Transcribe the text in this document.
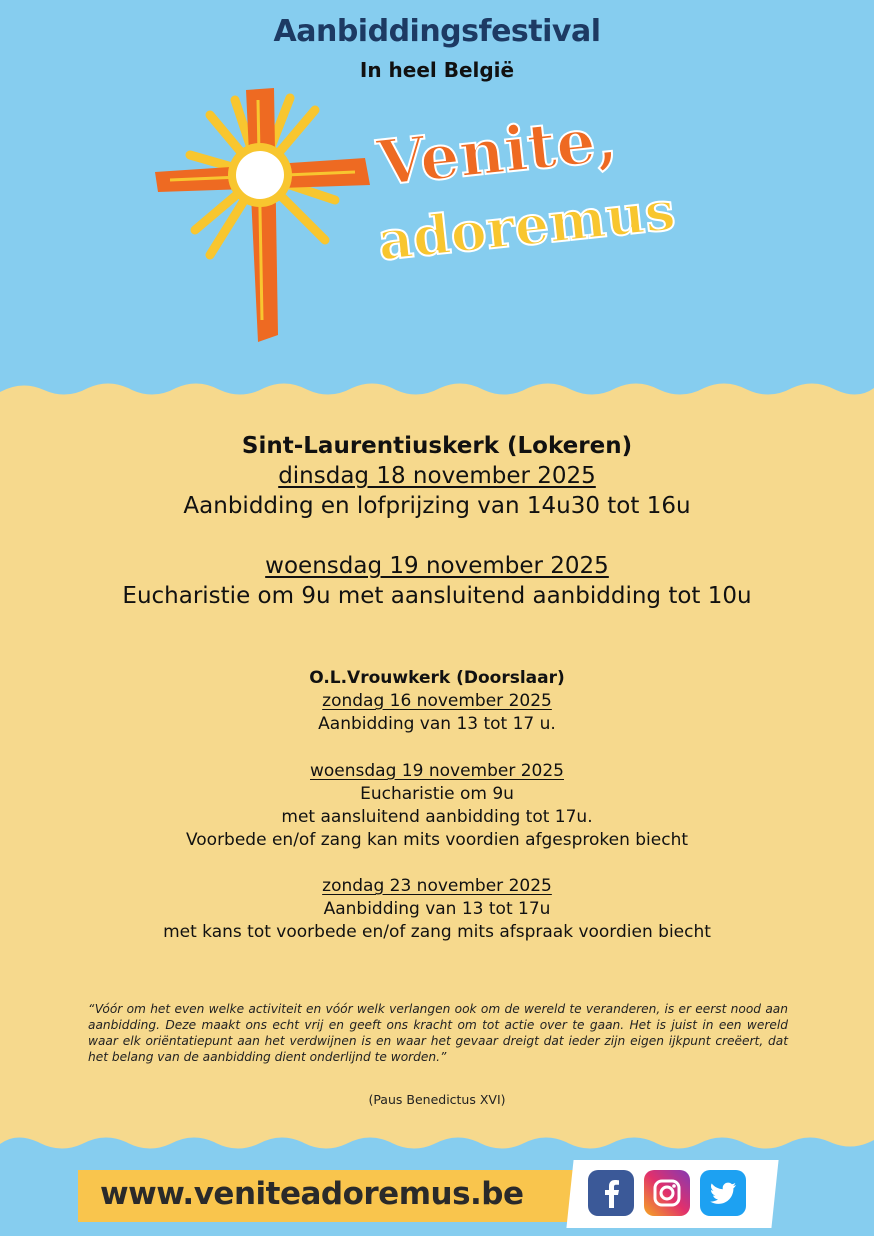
Aanbiddingsfestival
In heel België
Venite,
adoremus
Sint-Laurentiuskerk (Lokeren)
dinsdag 18 november 2025
Aanbidding en lofprijzing van 14u30 tot 16u
woensdag 19 november 2025
Eucharistie om 9u met aansluitend aanbidding tot 10u
O.L.Vrouwkerk (Doorslaar)
zondag 16 november 2025
Aanbidding van 13 tot 17 u.
woensdag 19 november 2025
Eucharistie om 9u
met aansluitend aanbidding tot 17u.
Voorbede en/of zang kan mits voordien afgesproken biecht
zondag 23 november 2025
Aanbidding van 13 tot 17u
met kans tot voorbede en/of zang mits afspraak voordien biecht
“Vóór om het even welke activiteit en vóór welk verlangen ook om de wereld te veranderen, is er eerst nood aan aanbidding. Deze maakt ons echt vrij en geeft ons kracht om tot actie over te gaan. Het is juist in een wereld waar elk oriëntatiepunt aan het verdwijnen is en waar het gevaar dreigt dat ieder zijn eigen ijkpunt creëert, dat het belang van de aanbidding dient onderlijnd te worden.”
(Paus Benedictus XVI)
www.veniteadoremus.be
